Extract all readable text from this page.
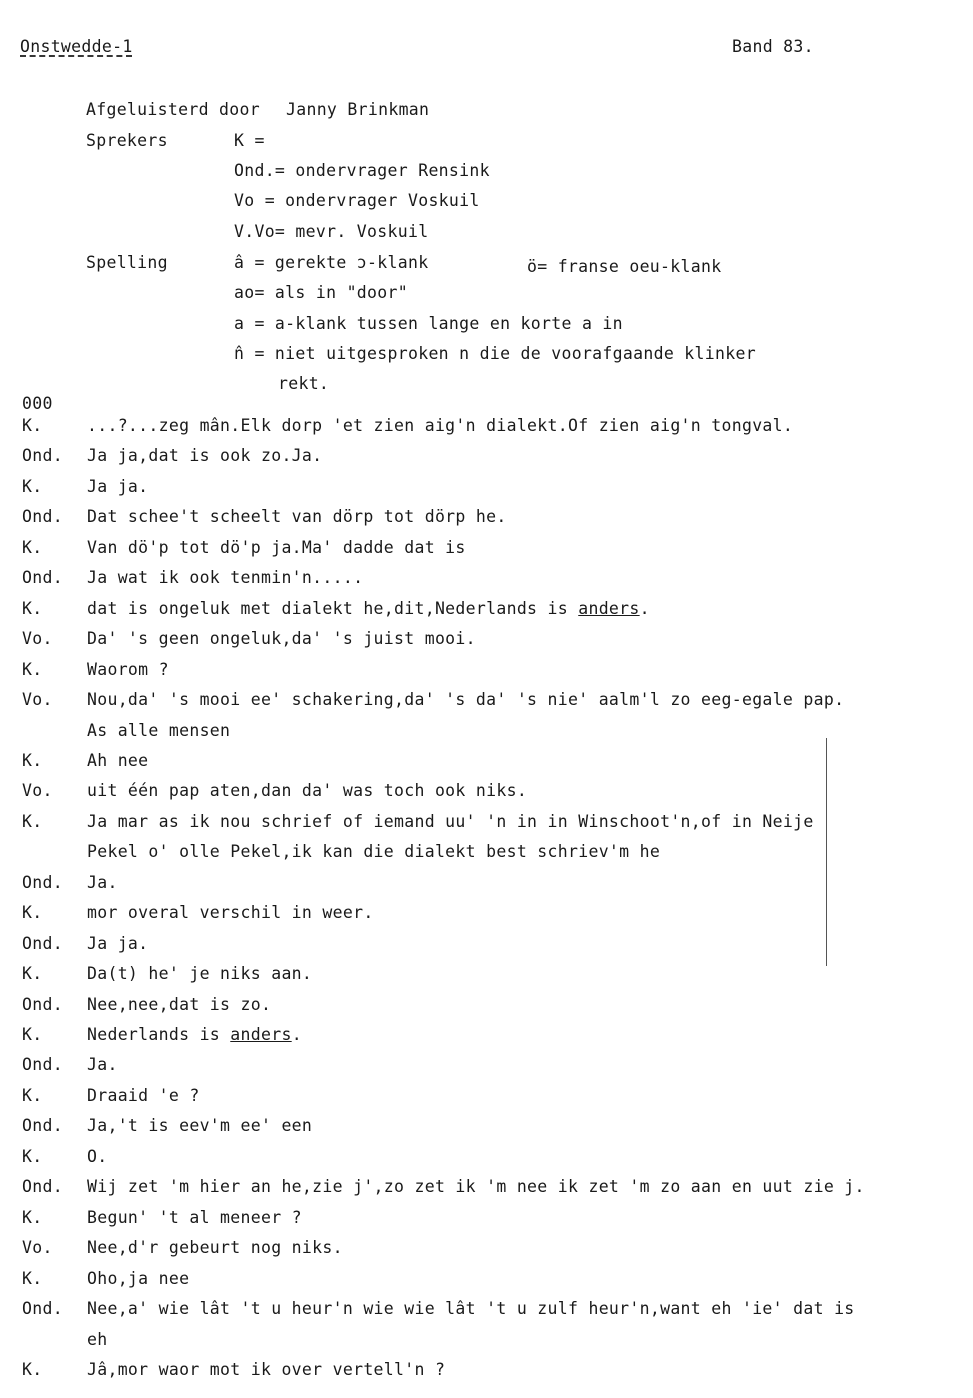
Onstwedde-1	Band 83.
Afgeluisterd door Janny Brinkman
Sprekers	K =
Ond.= ondervrager Rensink
Vo = ondervrager Voskuil
V.Vo= mevr. Voskuil
Spelling	â = gerekte ɔ-klank	ö= franse oeu-klank
ao= als in "door"
a = a-klank tussen lange en korte a in
n̂ = niet uitgesproken n die de voorafgaande klinker
rekt.
000
K.	...?...zeg mân.Elk dorp 'et zien aig'n dialekt.Of zien aig'n tongval.
Ond. Ja ja,dat is ook zo.Ja.
K.	Ja ja.
Ond. Dat schee't scheelt van dörp tot dörp he.
K.	Van dö'p tot dö'p ja.Ma' dadde dat is
Ond. Ja wat ik ook tenmin'n.....
K.	dat is ongeluk met dialekt he,dit,Nederlands is anders.
Vo. Da' 's geen ongeluk,da' 's juist mooi.
K.	Waorom ?
Vo. Nou,da' 's mooi ee' schakering,da' 's da' 's nie' aalm'l zo eeg-egale pap.
As alle mensen
K.	Ah nee
Vo. uit één pap aten,dan da' was toch ook niks.
K.	Ja mar as ik nou schrief of iemand uu' 'n in in Winschoot'n,of in Neije
Pekel o' olle Pekel,ik kan die dialekt best schriev'm he
Ond. Ja.
K.	mor overal verschil in weer.
Ond. Ja ja.
K.	Da(t) he' je niks aan.
Ond. Nee,nee,dat is zo.
K.	Nederlands is anders.
Ond. Ja.
K.	Draaid 'e ?
Ond. Ja,'t is eev'm ee' een
K.	O.
Ond. Wij zet 'm hier an he,zie j',zo zet ik 'm nee ik zet 'm zo aan en uut zie j.
K.	Begun' 't al meneer ?
Vo. Nee,d'r gebeurt nog niks.
K.	Oho,ja nee
Ond. Nee,a' wie lât 't u heur'n wie wie lât 't u zulf heur'n,want eh 'ie' dat is
eh
K.	Jâ,mor waor mot ik over vertell'n ?
